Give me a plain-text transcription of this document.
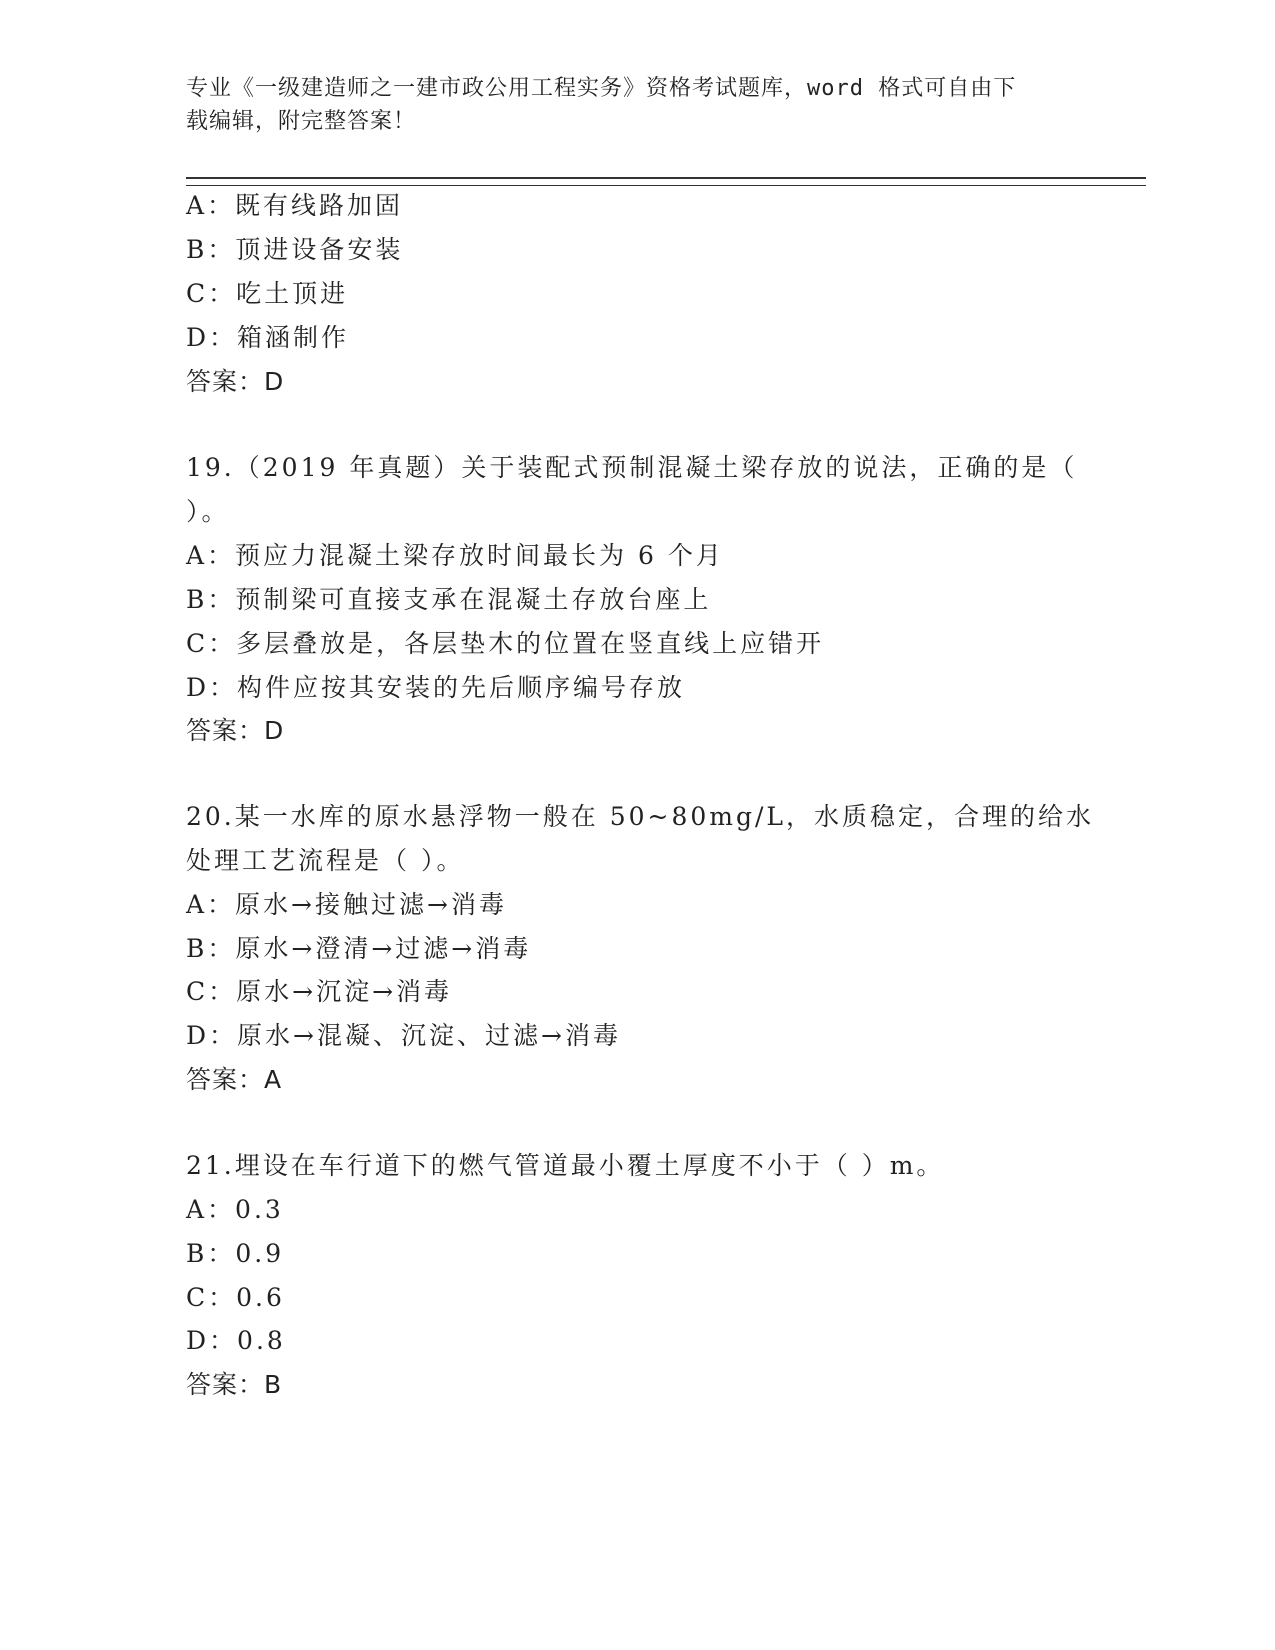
专业《一级建造师之一建市政公用工程实务》资格考试题库，word 格式可自由下
载编辑，附完整答案！
A：既有线路加固
B：顶进设备安装
C：吃土顶进
D：箱涵制作
答案：D
19.（2019 年真题）关于装配式预制混凝土梁存放的说法，正确的是（
）。
A：预应力混凝土梁存放时间最长为 6 个月
B：预制梁可直接支承在混凝土存放台座上
C：多层叠放是，各层垫木的位置在竖直线上应错开
D：构件应按其安装的先后顺序编号存放
答案：D
20.某一水库的原水悬浮物一般在 50~80mg/L，水质稳定，合理的给水
处理工艺流程是（ ）。
A：原水→接触过滤→消毒
B：原水→澄清→过滤→消毒
C：原水→沉淀→消毒
D：原水→混凝、沉淀、过滤→消毒
答案：A
21.埋设在车行道下的燃气管道最小覆土厚度不小于（ ）m。
A：0.3
B：0.9
C：0.6
D：0.8
答案：B
